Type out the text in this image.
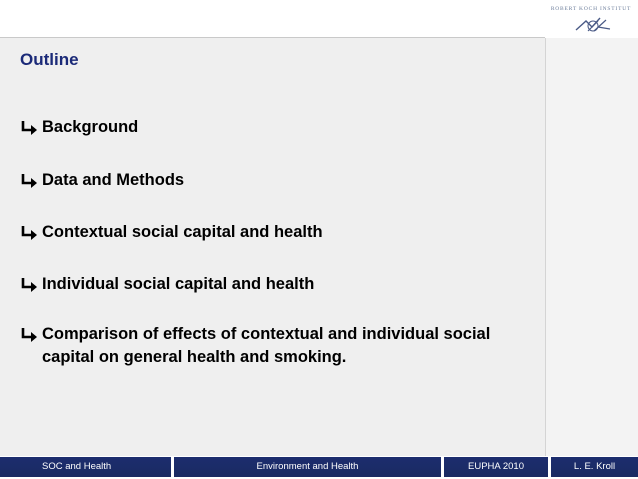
ROBERT KOCH INSTITUT
Outline
Background
Data and Methods
Contextual social capital and health
Individual social capital and health
Comparison of effects of contextual and individual social capital on general health and smoking.
SOC and Health	Environment and Health	EUPHA 2010	L. E. Kroll
